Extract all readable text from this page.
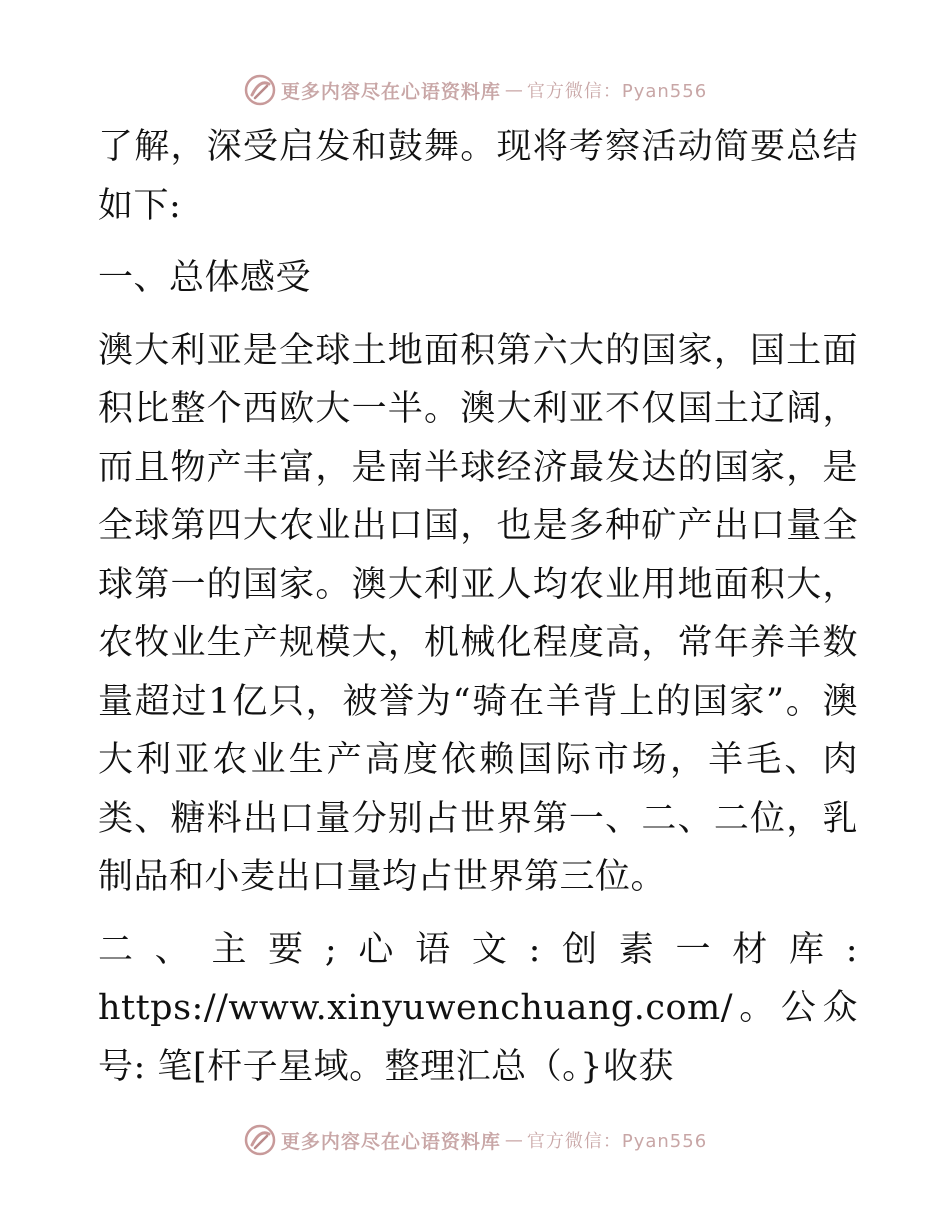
更多内容尽在心语资料库 — 官方微信：Pyan556

了解，深受启发和鼓舞。现将考察活动简要总结如下:

一、总体感受

澳大利亚是全球土地面积第六大的国家，国土面积比整个西欧大一半。澳大利亚不仅国土辽阔，而且物产丰富，是南半球经济最发达的国家，是全球第四大农业出口国，也是多种矿产出口量全球第一的国家。澳大利亚人均农业用地面积大，农牧业生产规模大，机械化程度高，常年养羊数量超过1亿只，被誉为“骑在羊背上的国家”。澳大利亚农业生产高度依赖国际市场，羊毛、肉类、糖料出口量分别占世界第一、二、二位，乳制品和小麦出口量均占世界第三位。

二、主要;心语文:创素一材库: https://www.xinyuwenchuang.com/。公众号: 笔[杆子星域。整理汇总（。}收获

更多内容尽在心语资料库 — 官方微信：Pyan556
